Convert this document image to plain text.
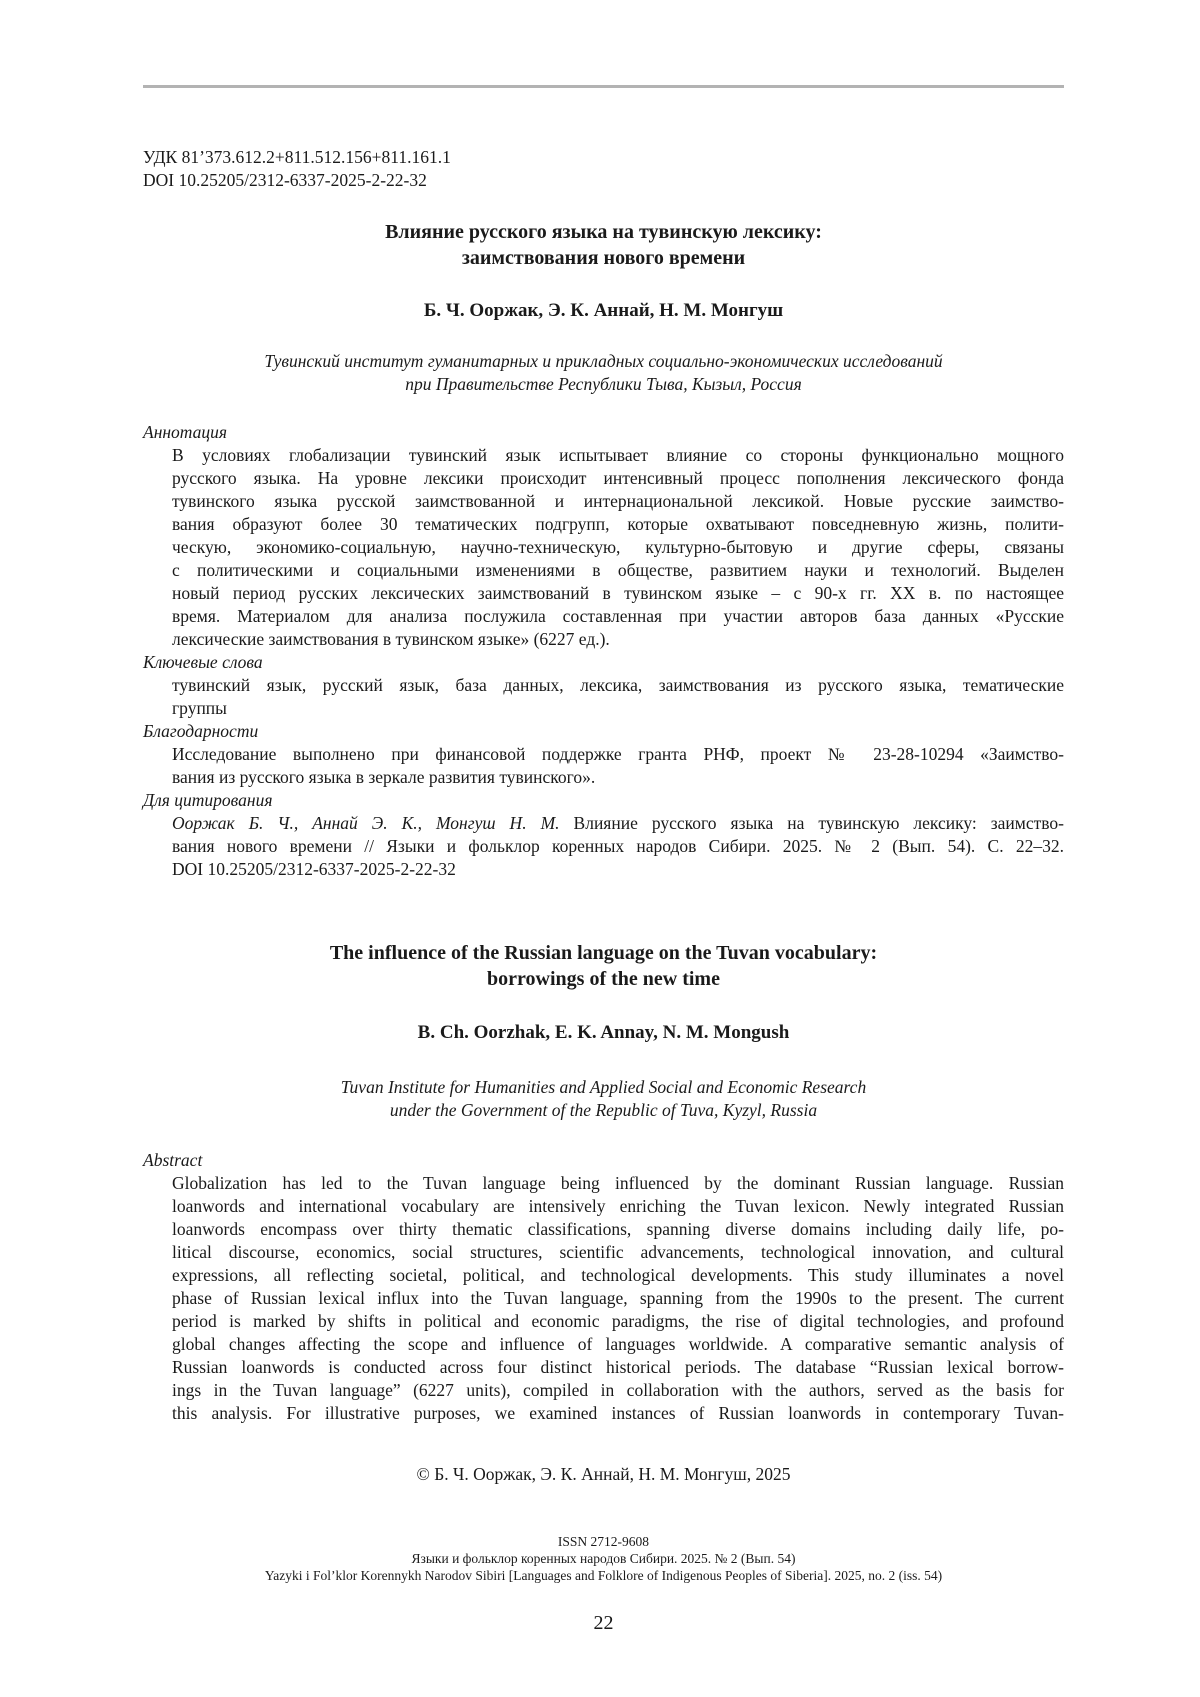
УДК 81’373.612.2+811.512.156+811.161.1
DOI 10.25205/2312-6337-2025-2-22-32
Влияние русского языка на тувинскую лексику:
заимствования нового времени
Б. Ч. Ооржак, Э. К. Аннай, Н. М. Монгуш
Тувинский институт гуманитарных и прикладных социально-экономических исследований
при Правительстве Республики Тыва, Кызыл, Россия
Аннотация
В условиях глобализации тувинский язык испытывает влияние со стороны функционально мощного
русского языка. На уровне лексики происходит интенсивный процесс пополнения лексического фонда
тувинского языка русской заимствованной и интернациональной лексикой. Новые русские заимство-
вания образуют более 30 тематических подгрупп, которые охватывают повседневную жизнь, полити-
ческую, экономико-социальную, научно-техническую, культурно-бытовую и другие сферы, связаны
с политическими и социальными изменениями в обществе, развитием науки и технологий. Выделен
новый период русских лексических заимствований в тувинском языке – с 90-х гг. XX в. по настоящее
время. Материалом для анализа послужила составленная при участии авторов база данных «Русские
лексические заимствования в тувинском языке» (6227 ед.).
Ключевые слова
тувинский язык, русский язык, база данных, лексика, заимствования из русского языка, тематические
группы
Благодарности
Исследование выполнено при финансовой поддержке гранта РНФ, проект № 23-28-10294 «Заимство-
вания из русского языка в зеркале развития тувинского».
Для цитирования
Ооржак Б. Ч., Аннай Э. К., Монгуш Н. М. Влияние русского языка на тувинскую лексику: заимство-
вания нового времени // Языки и фольклор коренных народов Сибири. 2025. № 2 (Вып. 54). С. 22–32.
DOI 10.25205/2312-6337-2025-2-22-32
The influence of the Russian language on the Tuvan vocabulary:
borrowings of the new time
B. Ch. Oorzhak, E. K. Annay, N. M. Mongush
Tuvan Institute for Humanities and Applied Social and Economic Research
under the Government of the Republic of Tuva, Kyzyl, Russia
Abstract
Globalization has led to the Tuvan language being influenced by the dominant Russian language. Russian
loanwords and international vocabulary are intensively enriching the Tuvan lexicon. Newly integrated Russian
loanwords encompass over thirty thematic classifications, spanning diverse domains including daily life, po-
litical discourse, economics, social structures, scientific advancements, technological innovation, and cultural
expressions, all reflecting societal, political, and technological developments. This study illuminates a novel
phase of Russian lexical influx into the Tuvan language, spanning from the 1990s to the present. The current
period is marked by shifts in political and economic paradigms, the rise of digital technologies, and profound
global changes affecting the scope and influence of languages worldwide. A comparative semantic analysis of
Russian loanwords is conducted across four distinct historical periods. The database “Russian lexical borrow-
ings in the Tuvan language” (6227 units), compiled in collaboration with the authors, served as the basis for
this analysis. For illustrative purposes, we examined instances of Russian loanwords in contemporary Tuvan-
© Б. Ч. Ооржак, Э. К. Аннай, Н. М. Монгуш, 2025
ISSN 2712-9608
Языки и фольклор коренных народов Сибири. 2025. № 2 (Вып. 54)
Yazyki i Fol’klor Korennykh Narodov Sibiri [Languages and Folklore of Indigenous Peoples of Siberia]. 2025, no. 2 (iss. 54)
22
